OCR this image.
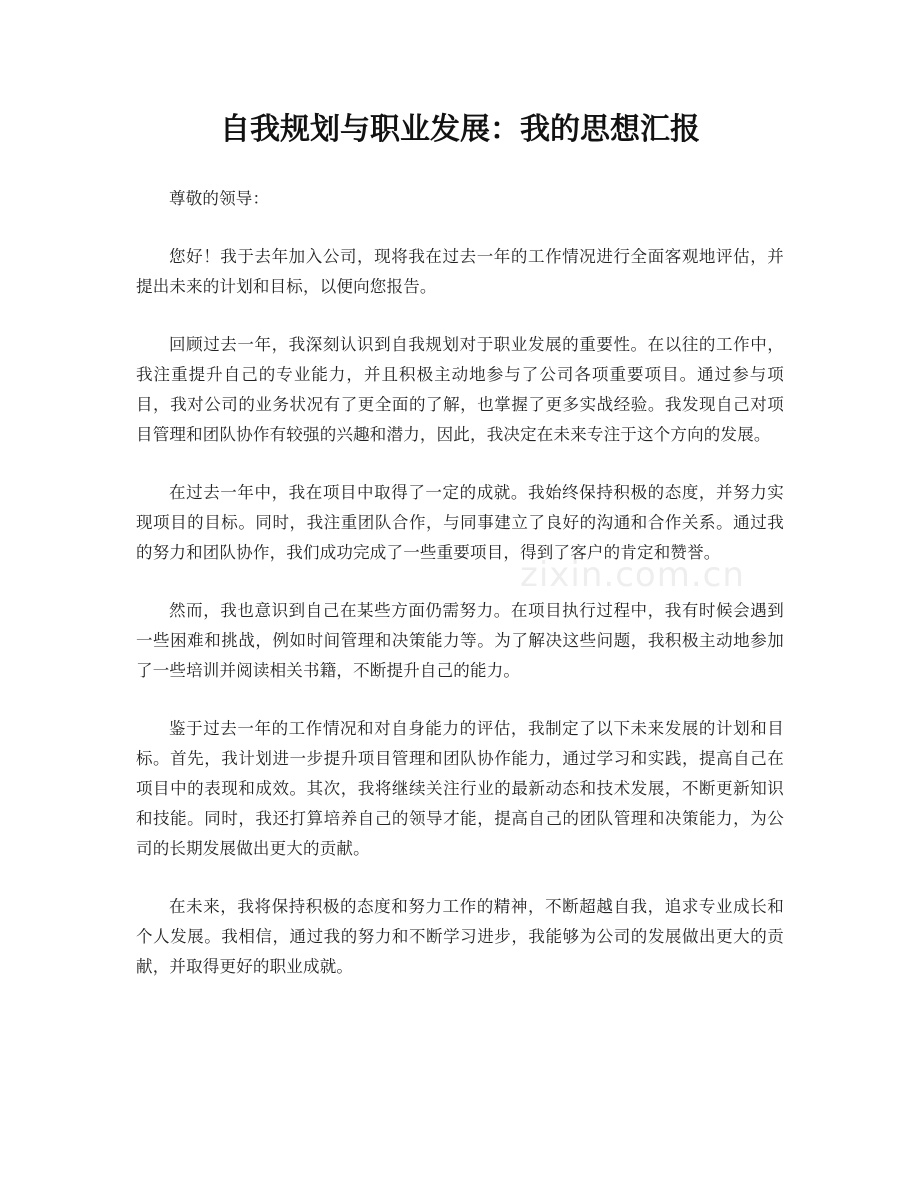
自我规划与职业发展：我的思想汇报

尊敬的领导：

您好！我于去年加入公司，现将我在过去一年的工作情况进行全面客观地评估，并提出未来的计划和目标，以便向您报告。

回顾过去一年，我深刻认识到自我规划对于职业发展的重要性。在以往的工作中，我注重提升自己的专业能力，并且积极主动地参与了公司各项重要项目。通过参与项目，我对公司的业务状况有了更全面的了解，也掌握了更多实战经验。我发现自己对项目管理和团队协作有较强的兴趣和潜力，因此，我决定在未来专注于这个方向的发展。

在过去一年中，我在项目中取得了一定的成就。我始终保持积极的态度，并努力实现项目的目标。同时，我注重团队合作，与同事建立了良好的沟通和合作关系。通过我的努力和团队协作，我们成功完成了一些重要项目，得到了客户的肯定和赞誉。

然而，我也意识到自己在某些方面仍需努力。在项目执行过程中，我有时候会遇到一些困难和挑战，例如时间管理和决策能力等。为了解决这些问题，我积极主动地参加了一些培训并阅读相关书籍，不断提升自己的能力。

鉴于过去一年的工作情况和对自身能力的评估，我制定了以下未来发展的计划和目标。首先，我计划进一步提升项目管理和团队协作能力，通过学习和实践，提高自己在项目中的表现和成效。其次，我将继续关注行业的最新动态和技术发展，不断更新知识和技能。同时，我还打算培养自己的领导才能，提高自己的团队管理和决策能力，为公司的长期发展做出更大的贡献。

在未来，我将保持积极的态度和努力工作的精神，不断超越自我，追求专业成长和个人发展。我相信，通过我的努力和不断学习进步，我能够为公司的发展做出更大的贡献，并取得更好的职业成就。

zixin.com.cn
